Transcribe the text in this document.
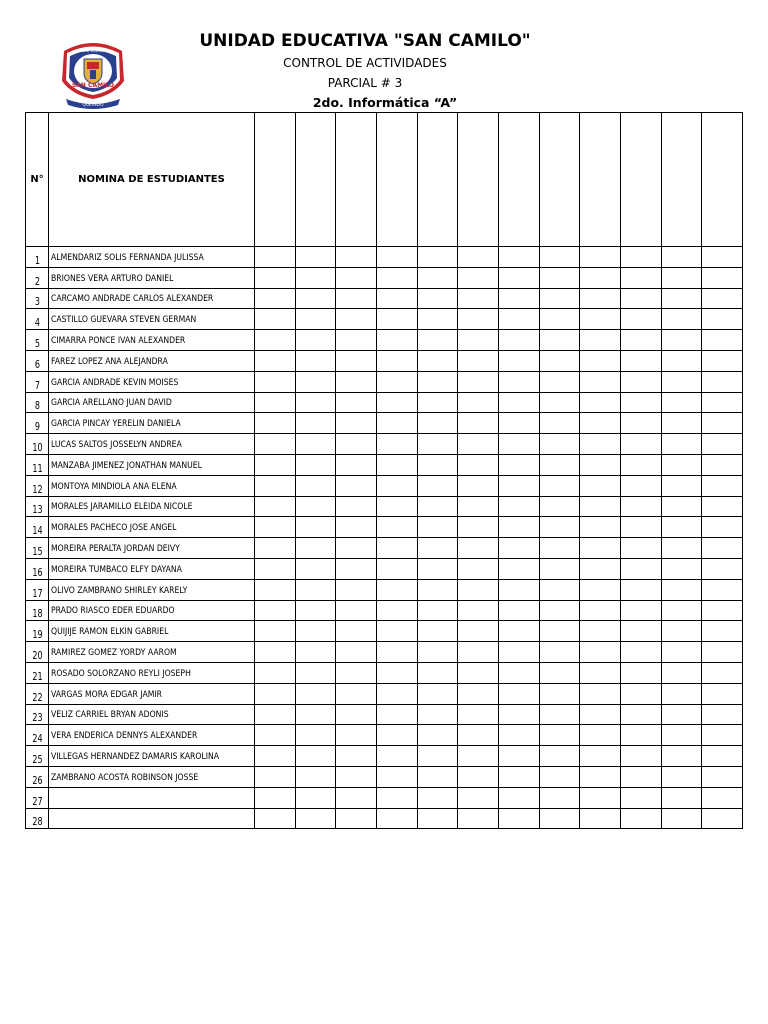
SAN CAMILO
UNIDAD EDUCATIVA
QUEVEDO
UNIDAD EDUCATIVA "SAN CAMILO"
CONTROL DE ACTIVIDADES
PARCIAL # 3
2do. Informática “A”
N°	NOMINA DE ESTUDIANTES												
1	ALMENDARIZ SOLIS FERNANDA JULISSA												
2	BRIONES VERA ARTURO DANIEL												
3	CARCAMO ANDRADE CARLOS ALEXANDER												
4	CASTILLO GUEVARA STEVEN GERMAN												
5	CIMARRA PONCE IVAN ALEXANDER												
6	FAREZ LOPEZ ANA ALEJANDRA												
7	GARCIA ANDRADE KEVIN MOISES												
8	GARCIA ARELLANO JUAN DAVID												
9	GARCIA PINCAY YERELIN DANIELA												
10	LUCAS SALTOS JOSSELYN ANDREA												
11	MANZABA JIMENEZ JONATHAN MANUEL												
12	MONTOYA MINDIOLA ANA ELENA												
13	MORALES JARAMILLO ELEIDA NICOLE												
14	MORALES PACHECO JOSE ANGEL												
15	MOREIRA PERALTA JORDAN DEIVY												
16	MOREIRA TUMBACO ELFY DAYANA												
17	OLIVO ZAMBRANO SHIRLEY KARELY												
18	PRADO RIASCO EDER EDUARDO												
19	QUIJIJE RAMON ELKIN GABRIEL												
20	RAMIREZ GOMEZ YORDY AAROM												
21	ROSADO SOLORZANO REYLI JOSEPH												
22	VARGAS MORA EDGAR JAMIR												
23	VELIZ CARRIEL BRYAN ADONIS												
24	VERA ENDERICA DENNYS ALEXANDER												
25	VILLEGAS HERNANDEZ DAMARIS KAROLINA												
26	ZAMBRANO ACOSTA ROBINSON JOSSE												
27													
28													
